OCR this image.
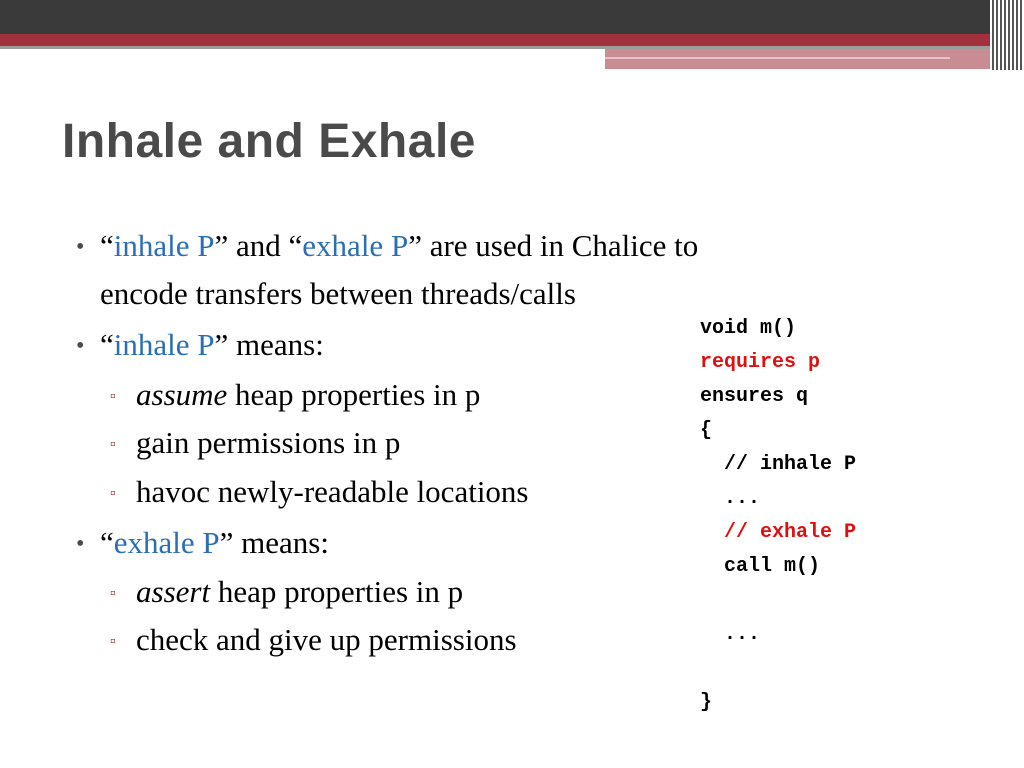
Inhale and Exhale
• “inhale P” and “exhale P” are used in Chalice to
encode transfers between threads/calls
• “inhale P” means:
▫ assume heap properties in p
▫ gain permissions in p
▫ havoc newly-readable locations
• “exhale P” means:
▫ assert heap properties in p
▫ check and give up permissions
void m()
requires p
ensures q
{
// inhale P
...
// exhale P
call m()
...
}
